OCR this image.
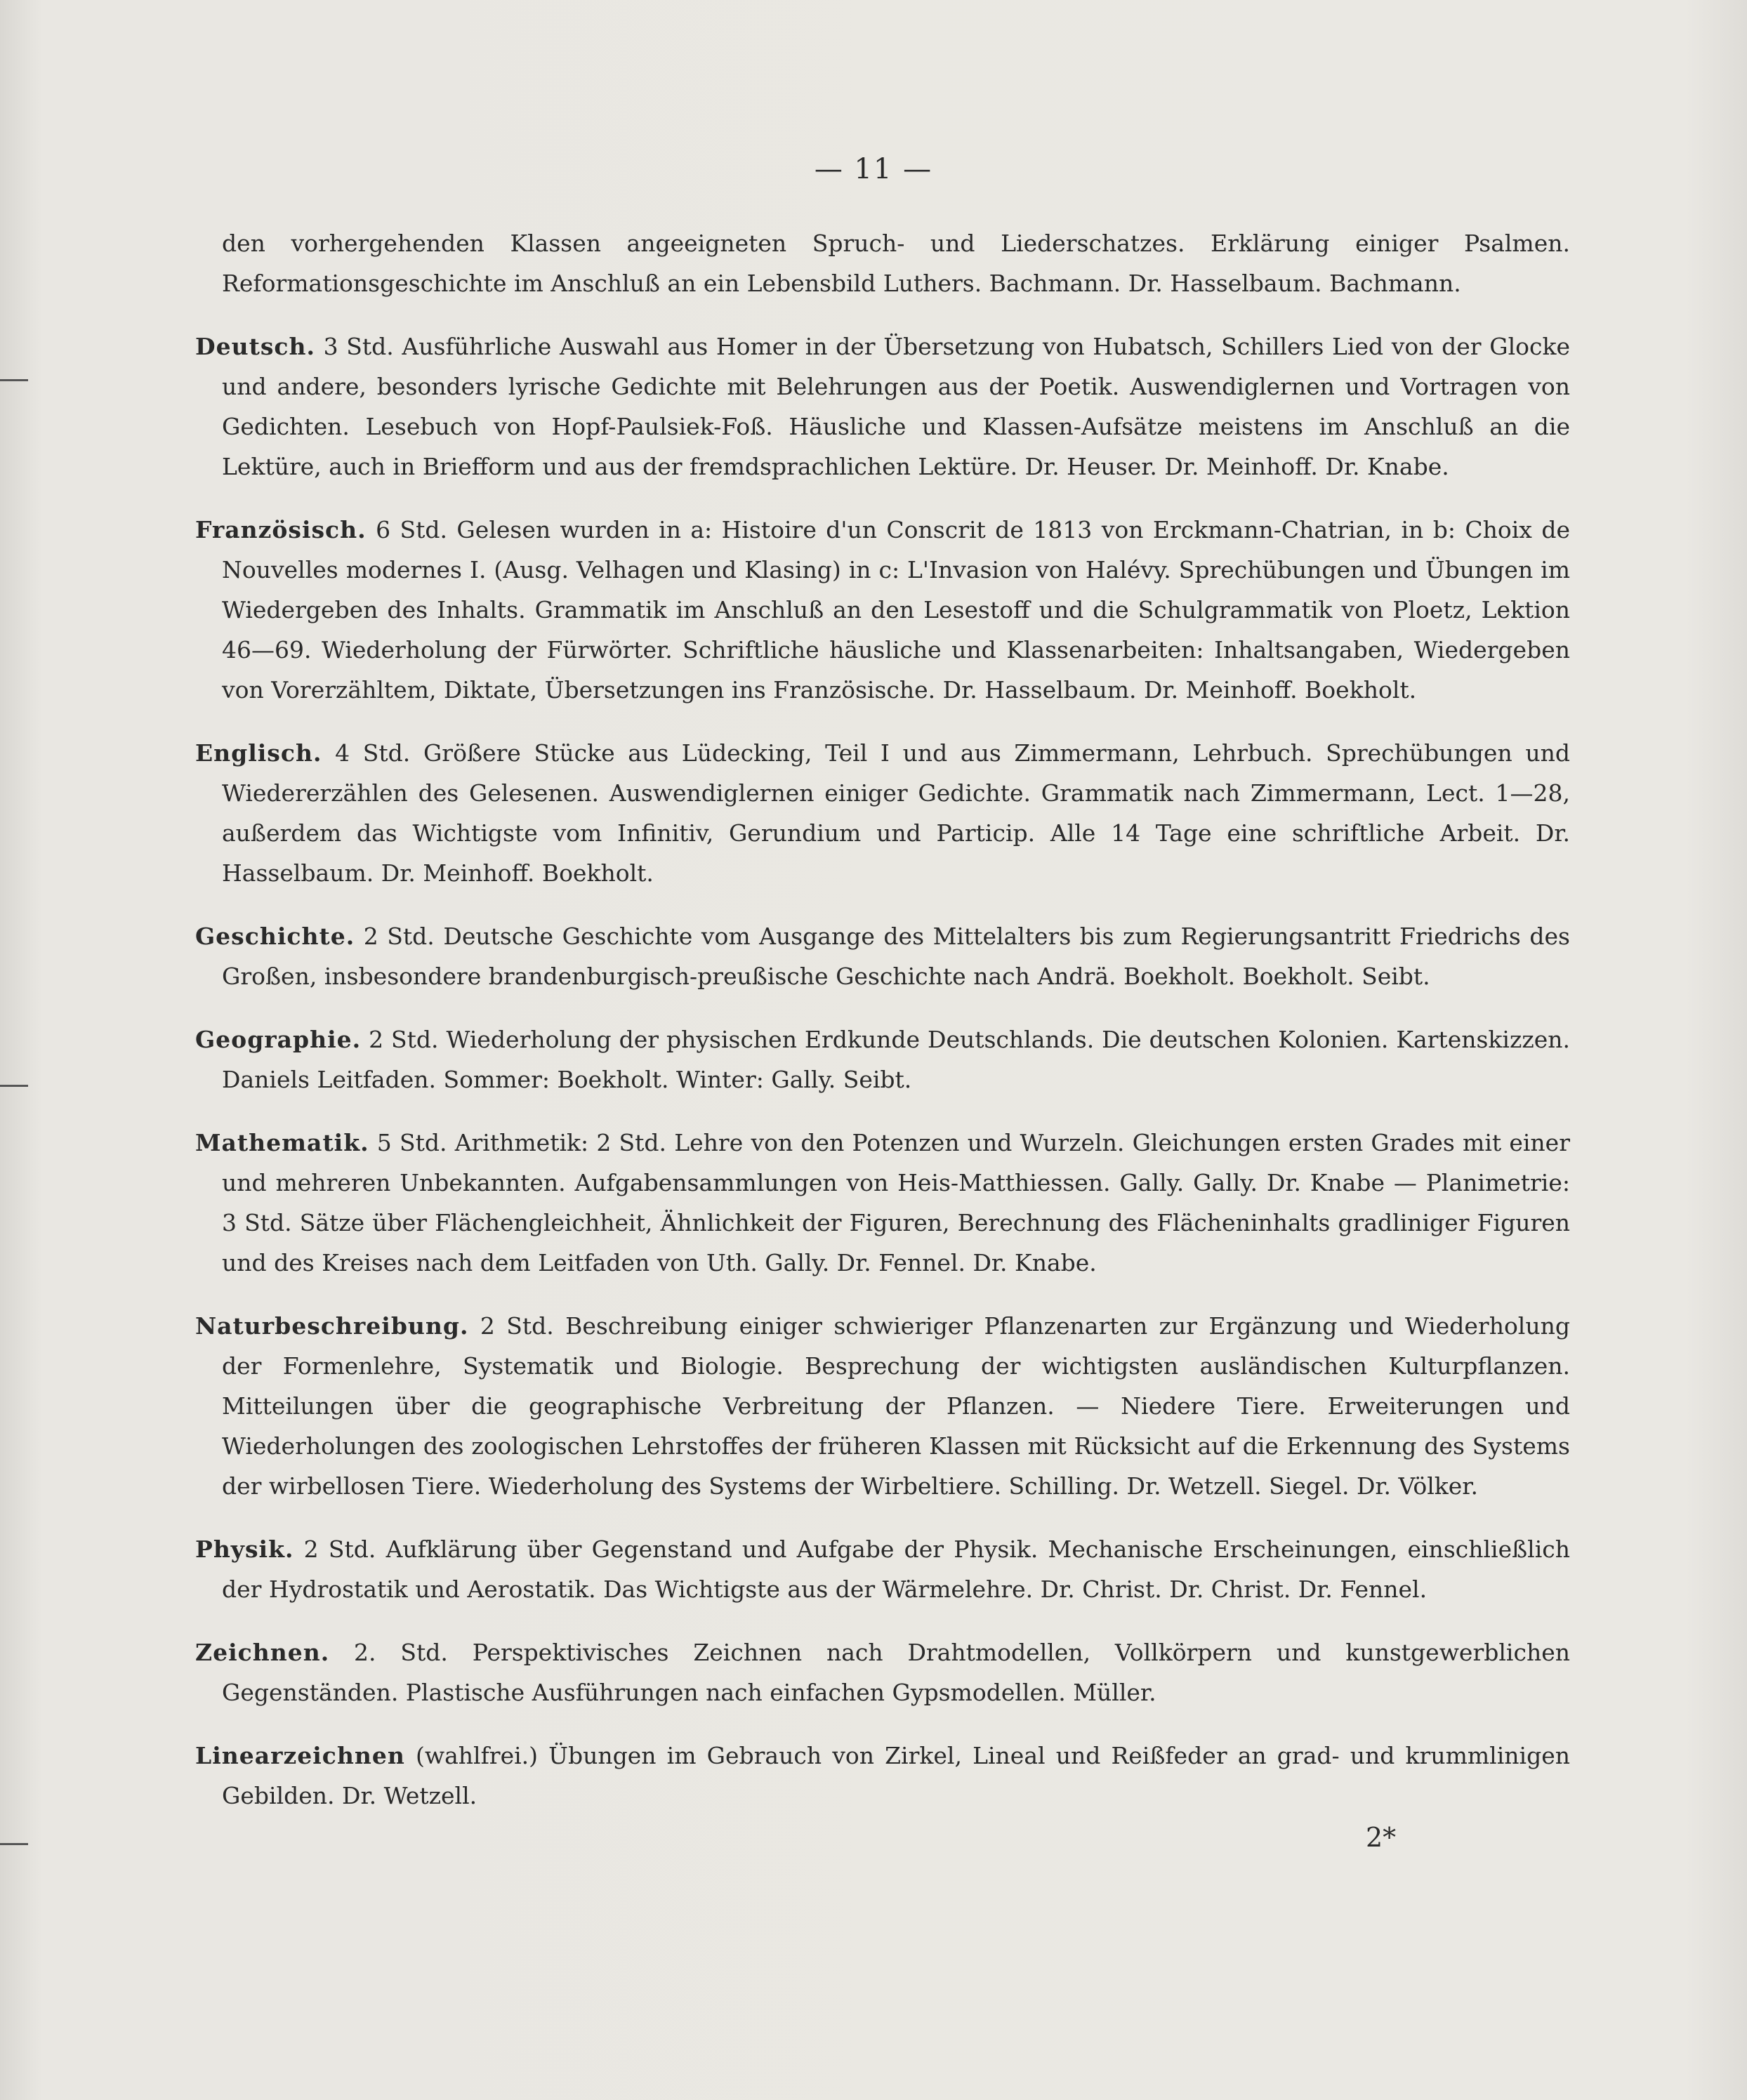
— 11 —

den vorhergehenden Klassen angeeigneten Spruch- und Liederschatzes. Erklärung einiger Psalmen. Reformationsgeschichte im Anschluß an ein Lebensbild Luthers. Bachmann. Dr. Hasselbaum. Bachmann.

Deutsch. 3 Std. Ausführliche Auswahl aus Homer in der Übersetzung von Hubatsch, Schillers Lied von der Glocke und andere, besonders lyrische Gedichte mit Belehrungen aus der Poetik. Auswendiglernen und Vortragen von Gedichten. Lesebuch von Hopf-Paulsiek-Foß. Häusliche und Klassen-Aufsätze meistens im Anschluß an die Lektüre, auch in Briefform und aus der fremdsprachlichen Lektüre. Dr. Heuser. Dr. Meinhoff. Dr. Knabe.

Französisch. 6 Std. Gelesen wurden in a: Histoire d'un Conscrit de 1813 von Erckmann-Chatrian, in b: Choix de Nouvelles modernes I. (Ausg. Velhagen und Klasing) in c: L'Invasion von Halévy. Sprechübungen und Übungen im Wiedergeben des Inhalts. Grammatik im Anschluß an den Lesestoff und die Schulgrammatik von Ploetz, Lektion 46—69. Wiederholung der Fürwörter. Schriftliche häusliche und Klassenarbeiten: Inhaltsangaben, Wiedergeben von Vorerzähltem, Diktate, Übersetzungen ins Französische. Dr. Hasselbaum. Dr. Meinhoff. Boekholt.

Englisch. 4 Std. Größere Stücke aus Lüdecking, Teil I und aus Zimmermann, Lehrbuch. Sprechübungen und Wiedererzählen des Gelesenen. Auswendiglernen einiger Gedichte. Grammatik nach Zimmermann, Lect. 1—28, außerdem das Wichtigste vom Infinitiv, Gerundium und Particip. Alle 14 Tage eine schriftliche Arbeit. Dr. Hasselbaum. Dr. Meinhoff. Boekholt.

Geschichte. 2 Std. Deutsche Geschichte vom Ausgange des Mittelalters bis zum Regierungsantritt Friedrichs des Großen, insbesondere brandenburgisch-preußische Geschichte nach Andrä. Boekholt. Boekholt. Seibt.

Geographie. 2 Std. Wiederholung der physischen Erdkunde Deutschlands. Die deutschen Kolonien. Kartenskizzen. Daniels Leitfaden. Sommer: Boekholt. Winter: Gally. Seibt.

Mathematik. 5 Std. Arithmetik: 2 Std. Lehre von den Potenzen und Wurzeln. Gleichungen ersten Grades mit einer und mehreren Unbekannten. Aufgabensammlungen von Heis-Matthiessen. Gally. Gally. Dr. Knabe — Planimetrie: 3 Std. Sätze über Flächengleichheit, Ähnlichkeit der Figuren, Berechnung des Flächeninhalts gradliniger Figuren und des Kreises nach dem Leitfaden von Uth. Gally. Dr. Fennel. Dr. Knabe.

Naturbeschreibung. 2 Std. Beschreibung einiger schwieriger Pflanzenarten zur Ergänzung und Wiederholung der Formenlehre, Systematik und Biologie. Besprechung der wichtigsten ausländischen Kulturpflanzen. Mitteilungen über die geographische Verbreitung der Pflanzen. — Niedere Tiere. Erweiterungen und Wiederholungen des zoologischen Lehrstoffes der früheren Klassen mit Rücksicht auf die Erkennung des Systems der wirbellosen Tiere. Wiederholung des Systems der Wirbeltiere. Schilling. Dr. Wetzell. Siegel. Dr. Völker.

Physik. 2 Std. Aufklärung über Gegenstand und Aufgabe der Physik. Mechanische Erscheinungen, einschließlich der Hydrostatik und Aerostatik. Das Wichtigste aus der Wärmelehre. Dr. Christ. Dr. Christ. Dr. Fennel.

Zeichnen. 2. Std. Perspektivisches Zeichnen nach Drahtmodellen, Vollkörpern und kunstgewerblichen Gegenständen. Plastische Ausführungen nach einfachen Gypsmodellen. Müller.

Linearzeichnen (wahlfrei.) Übungen im Gebrauch von Zirkel, Lineal und Reißfeder an grad- und krummlinigen Gebilden. Dr. Wetzell.

2*
